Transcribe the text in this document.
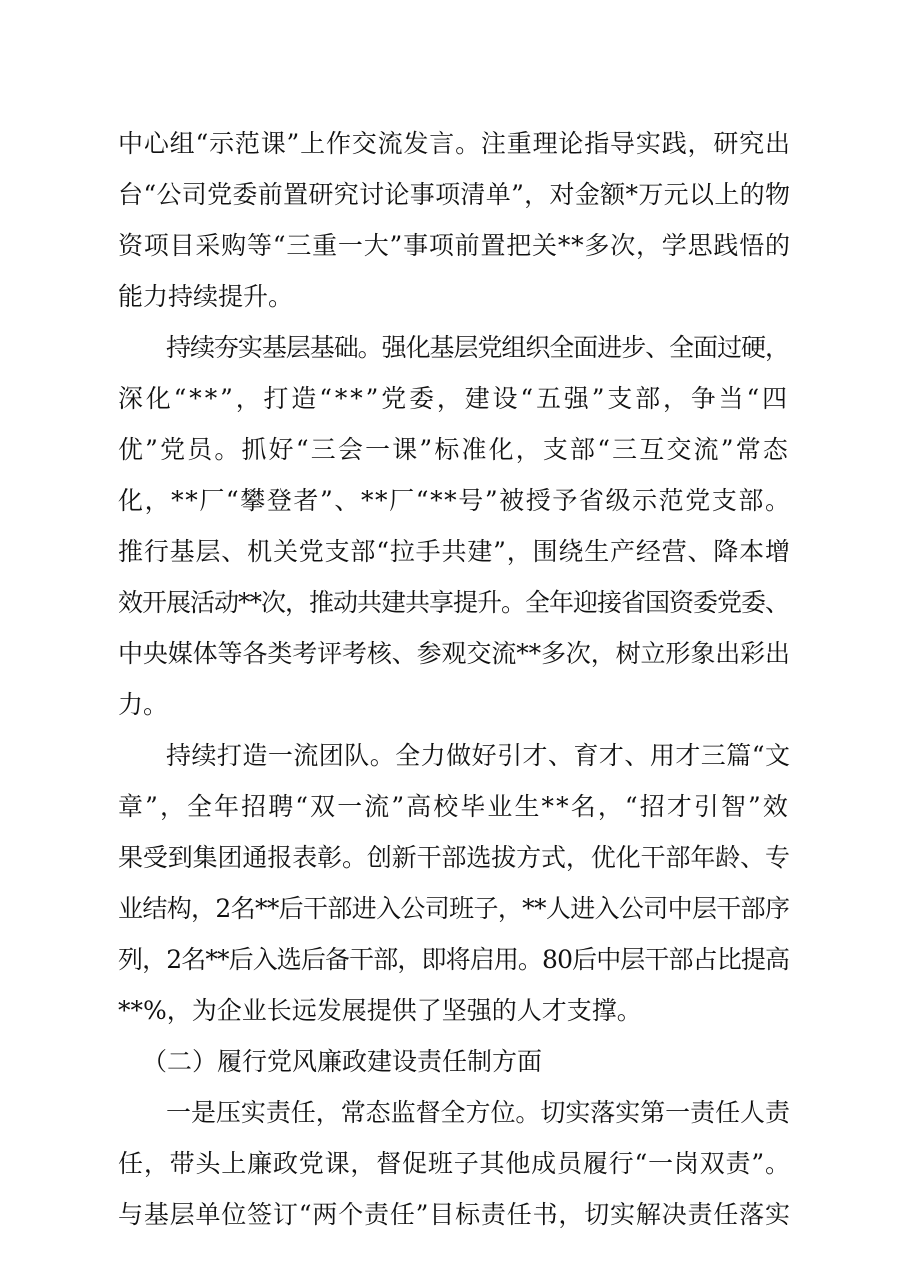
中心组“示范课”上作交流发言。注重理论指导实践，研究出
台“公司党委前置研究讨论事项清单”，对金额*万元以上的物
资项目采购等“三重一大”事项前置把关**多次，学思践悟的
能力持续提升。
持续夯实基层基础。强化基层党组织全面进步、全面过硬，
深化“**”，打造“**”党委，建设“五强”支部，争当“四
优”党员。抓好“三会一课”标准化，支部“三互交流”常态
化，**厂“攀登者”、**厂“**号”被授予省级示范党支部。
推行基层、机关党支部“拉手共建”，围绕生产经营、降本增
效开展活动**次，推动共建共享提升。全年迎接省国资委党委、
中央媒体等各类考评考核、参观交流**多次，树立形象出彩出
力。
持续打造一流团队。全力做好引才、育才、用才三篇“文
章”，全年招聘“双一流”高校毕业生**名，“招才引智”效
果受到集团通报表彰。创新干部选拔方式，优化干部年龄、专
业结构，2名**后干部进入公司班子，**人进入公司中层干部序
列，2名**后入选后备干部，即将启用。80后中层干部占比提高
**%，为企业长远发展提供了坚强的人才支撑。
（二）履行党风廉政建设责任制方面
一是压实责任，常态监督全方位。切实落实第一责任人责
任，带头上廉政党课，督促班子其他成员履行“一岗双责”。
与基层单位签订“两个责任”目标责任书，切实解决责任落实
